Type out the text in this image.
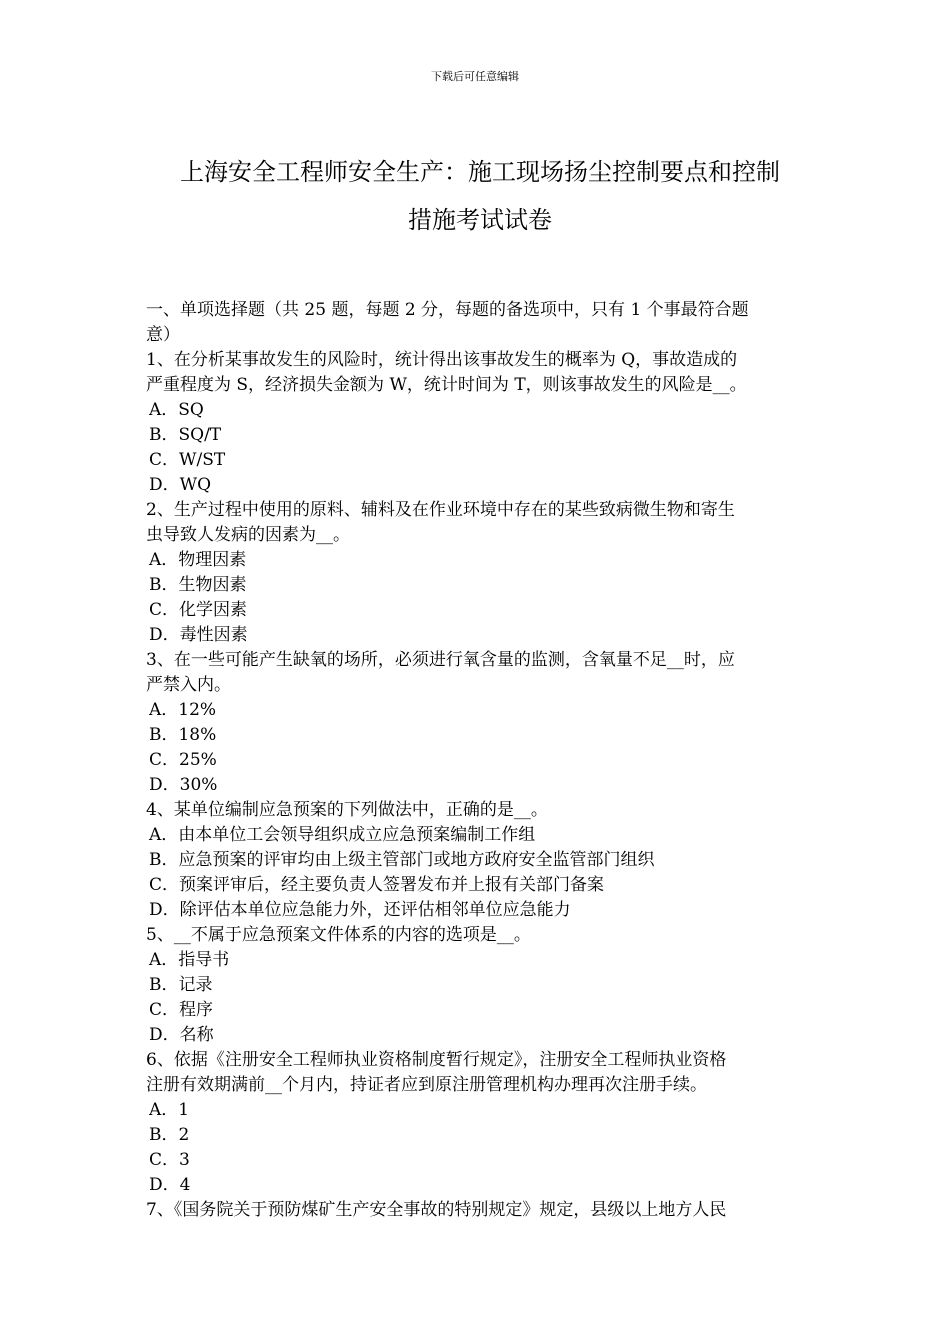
下载后可任意编辑
上海安全工程师安全生产：施工现场扬尘控制要点和控制
措施考试试卷
一、单项选择题（共 25 题，每题 2 分，每题的备选项中，只有 1 个事最符合题
意）
1、在分析某事故发生的风险时，统计得出该事故发生的概率为 Q，事故造成的
严重程度为 S，经济损失金额为 W，统计时间为 T，则该事故发生的风险是__。
A．SQ
B．SQ/T
C．W/ST
D．WQ
2、生产过程中使用的原料、辅料及在作业环境中存在的某些致病微生物和寄生
虫导致人发病的因素为__。
A．物理因素
B．生物因素
C．化学因素
D．毒性因素
3、在一些可能产生缺氧的场所，必须进行氧含量的监测，含氧量不足__时，应
严禁入内。
A．12%
B．18%
C．25%
D．30%
4、某单位编制应急预案的下列做法中，正确的是__。
A．由本单位工会领导组织成立应急预案编制工作组
B．应急预案的评审均由上级主管部门或地方政府安全监管部门组织
C．预案评审后，经主要负责人签署发布并上报有关部门备案
D．除评估本单位应急能力外，还评估相邻单位应急能力
5、__不属于应急预案文件体系的内容的选项是__。
A．指导书
B．记录
C．程序
D．名称
6、依据《注册安全工程师执业资格制度暂行规定》，注册安全工程师执业资格
注册有效期满前__个月内，持证者应到原注册管理机构办理再次注册手续。
A．1
B．2
C．3
D．4
7、《国务院关于预防煤矿生产安全事故的特别规定》规定，县级以上地方人民
